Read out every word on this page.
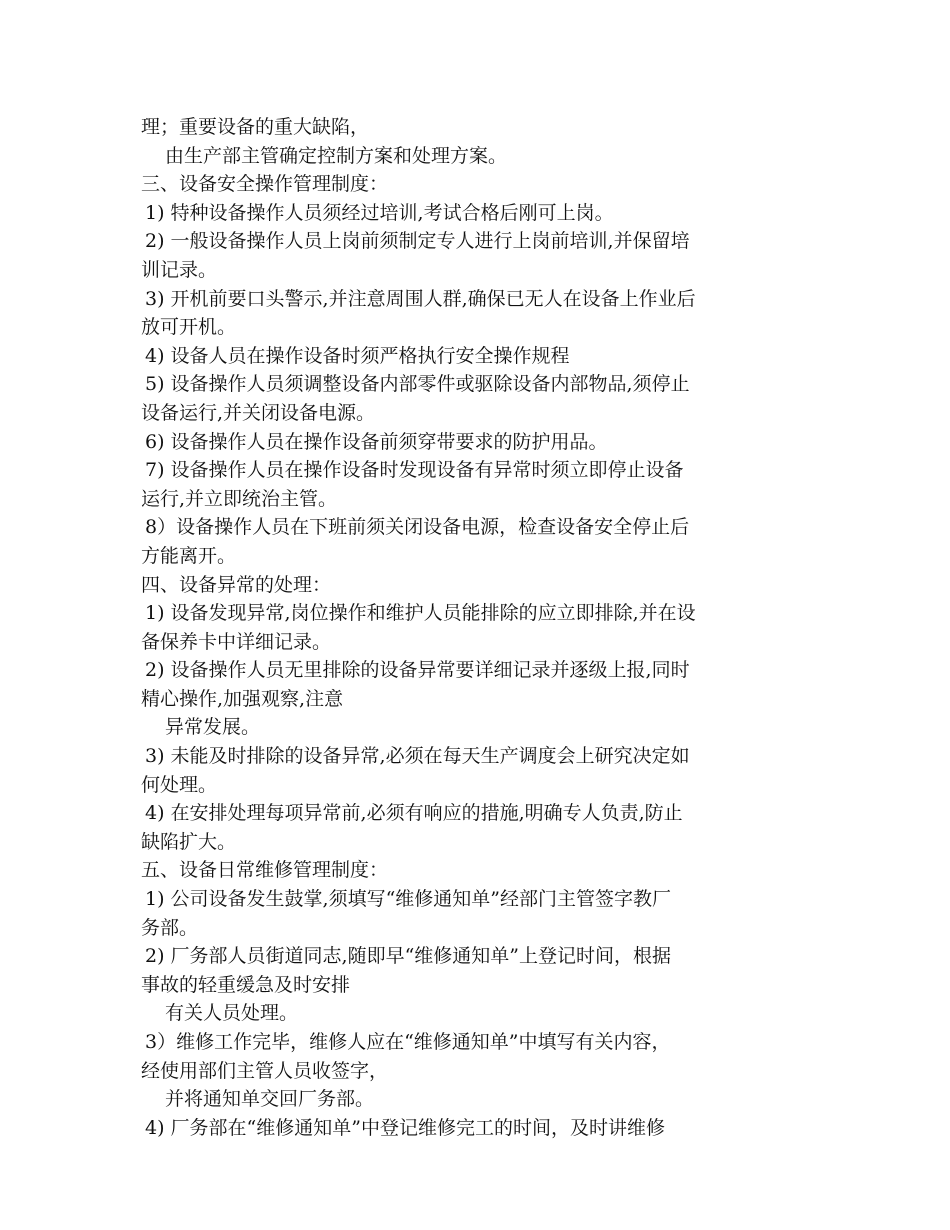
理；重要设备的重大缺陷，
由生产部主管确定控制方案和处理方案。
三、设备安全操作管理制度：
1) 特种设备操作人员须经过培训,考试合格后刚可上岗。
2) 一般设备操作人员上岗前须制定专人进行上岗前培训,并保留培
训记录。
3) 开机前要口头警示,并注意周围人群,确保已无人在设备上作业后
放可开机。
4) 设备人员在操作设备时须严格执行安全操作规程
5) 设备操作人员须调整设备内部零件或驱除设备内部物品,须停止
设备运行,并关闭设备电源。
6) 设备操作人员在操作设备前须穿带要求的防护用品。
7) 设备操作人员在操作设备时发现设备有异常时须立即停止设备
运行,并立即统治主管。
8）设备操作人员在下班前须关闭设备电源，检查设备安全停止后
方能离开。
四、设备异常的处理：
1) 设备发现异常,岗位操作和维护人员能排除的应立即排除,并在设
备保养卡中详细记录。
2) 设备操作人员无里排除的设备异常要详细记录并逐级上报,同时
精心操作,加强观察,注意
异常发展。
3) 未能及时排除的设备异常,必须在每天生产调度会上研究决定如
何处理。
4) 在安排处理每项异常前,必须有响应的措施,明确专人负责,防止
缺陷扩大。
五、设备日常维修管理制度：
1) 公司设备发生鼓掌,须填写“维修通知单”经部门主管签字教厂
务部。
2) 厂务部人员街道同志,随即早“维修通知单”上登记时间，根据
事故的轻重缓急及时安排
有关人员处理。
3）维修工作完毕，维修人应在“维修通知单”中填写有关内容，
经使用部们主管人员收签字，
并将通知单交回厂务部。
4) 厂务部在“维修通知单”中登记维修完工的时间，及时讲维修
